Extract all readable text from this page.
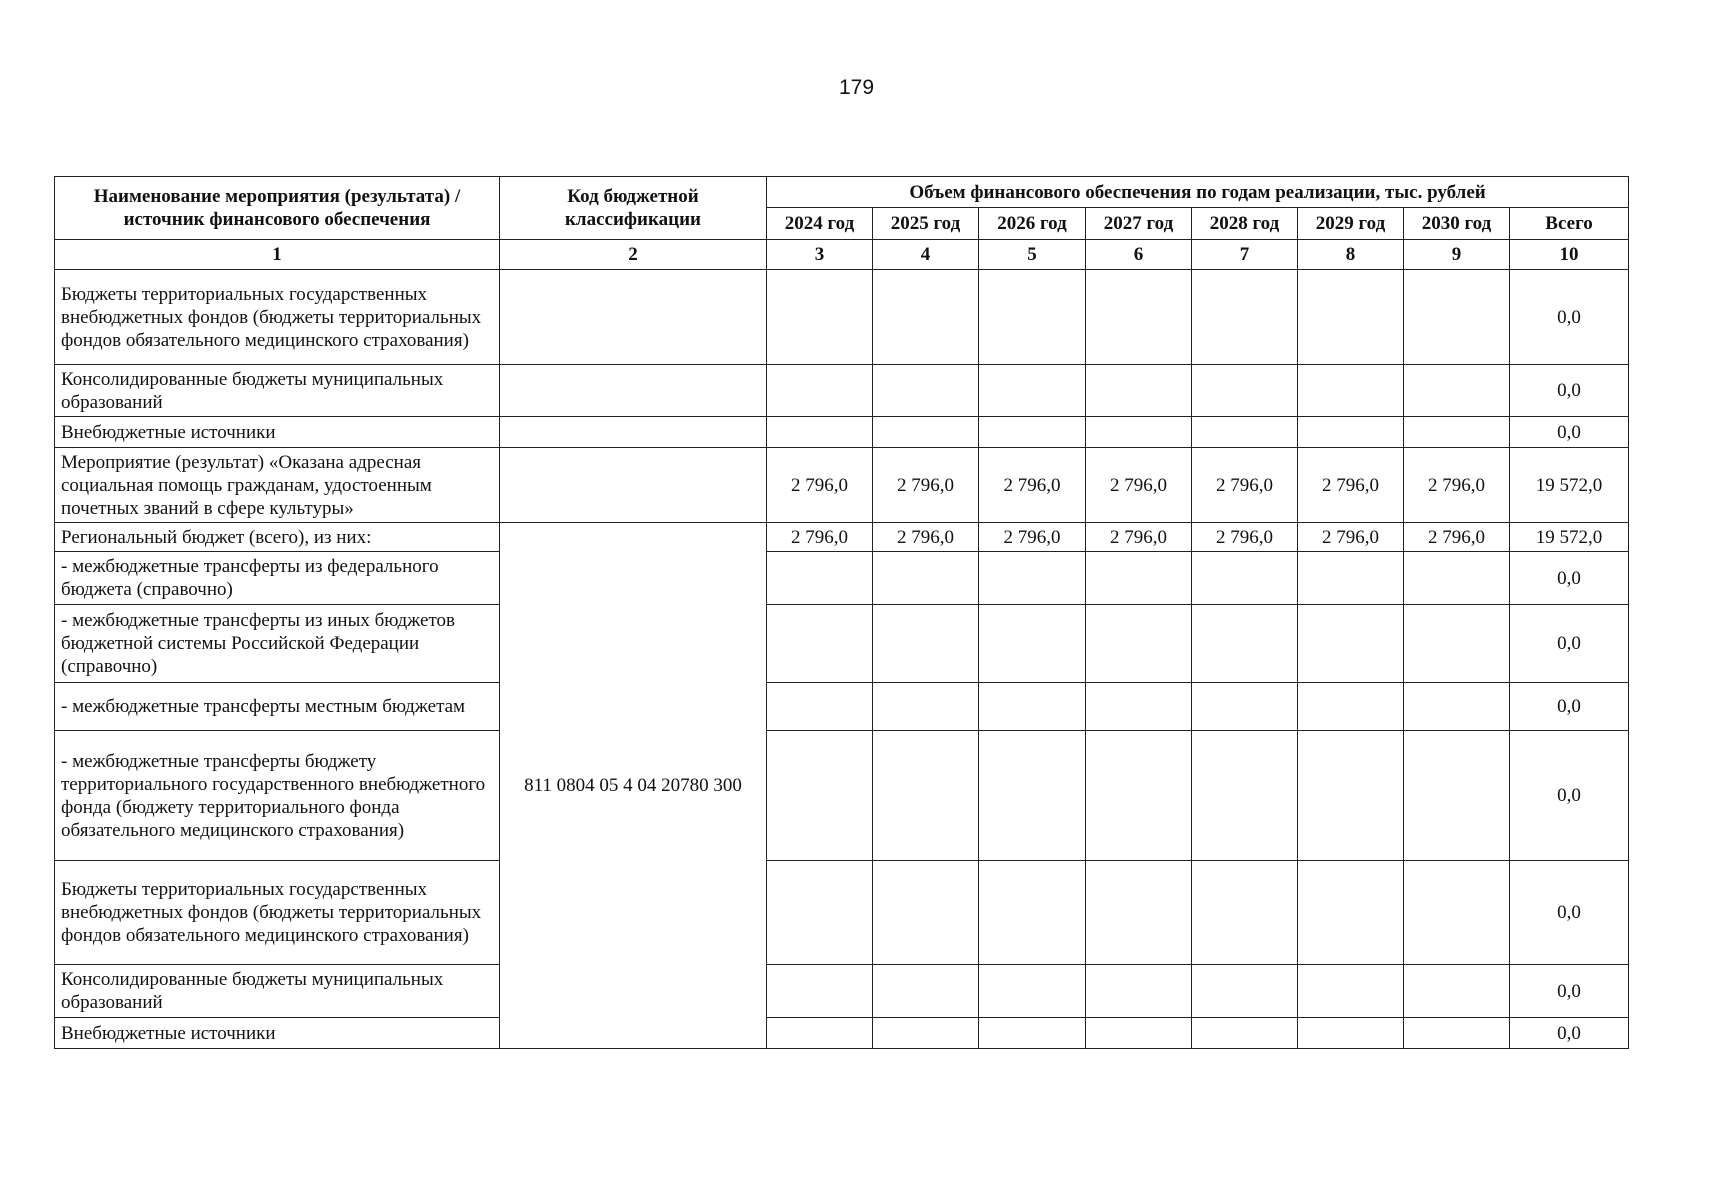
179
Наименование мероприятия (результата) / источник финансового обеспечения	Код бюджетной классификации	Объем финансового обеспечения по годам реализации, тыс. рублей							
		2024 год	2025 год	2026 год	2027 год	2028 год	2029 год	2030 год	Всего
1	2	3	4	5	6	7	8	9	10
Бюджеты территориальных государственных внебюджетных фондов (бюджеты территориальных фондов обязательного медицинского страхования)									0,0
Консолидированные бюджеты муниципальных образований									0,0
Внебюджетные источники									0,0
Мероприятие (результат) «Оказана адресная социальная помощь гражданам, удостоенным почетных званий в сфере культуры»		2 796,0	2 796,0	2 796,0	2 796,0	2 796,0	2 796,0	2 796,0	19 572,0
Региональный бюджет (всего), из них:	811 0804 05 4 04 20780 300	2 796,0	2 796,0	2 796,0	2 796,0	2 796,0	2 796,0	2 796,0	19 572,0
- межбюджетные трансферты из федерального бюджета (справочно)									0,0
- межбюджетные трансферты из иных бюджетов бюджетной системы Российской Федерации (справочно)									0,0
- межбюджетные трансферты местным бюджетам									0,0
- межбюджетные трансферты бюджету территориального государственного внебюджетного фонда (бюджету территориального фонда обязательного медицинского страхования)									0,0
Бюджеты территориальных государственных внебюджетных фондов (бюджеты территориальных фондов обязательного медицинского страхования)									0,0
Консолидированные бюджеты муниципальных образований									0,0
Внебюджетные источники									0,0
